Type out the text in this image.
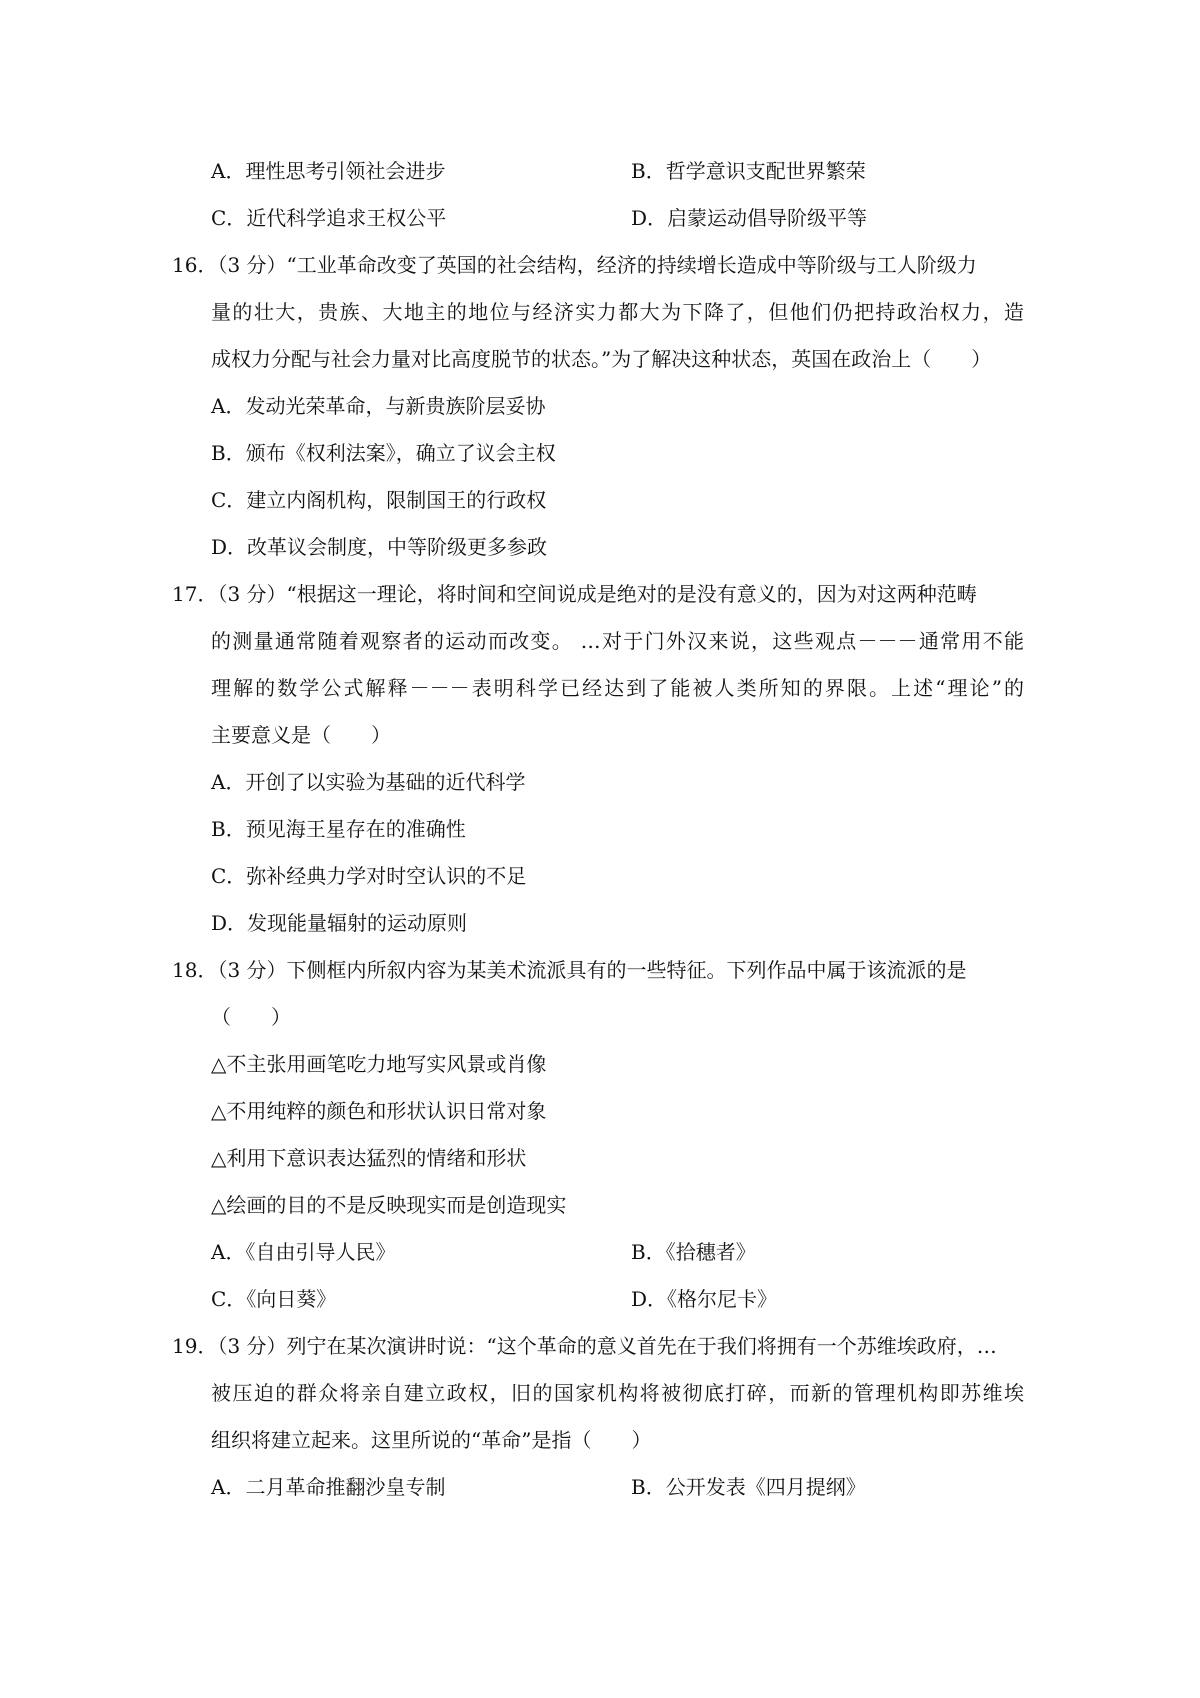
A．理性思考引领社会进步	B．哲学意识支配世界繁荣
C．近代科学追求王权公平	D．启蒙运动倡导阶级平等
16．（3 分）“工业革命改变了英国的社会结构，经济的持续增长造成中等阶级与工人阶级力
量的壮大，贵族、大地主的地位与经济实力都大为下降了，但他们仍把持政治权力，造
成权力分配与社会力量对比高度脱节的状态。”为了解决这种状态，英国在政治上（　　）
A．发动光荣革命，与新贵族阶层妥协
B．颁布《权利法案》，确立了议会主权
C．建立内阁机构，限制国王的行政权
D．改革议会制度，中等阶级更多参政
17．（3 分）“根据这一理论，将时间和空间说成是绝对的是没有意义的，因为对这两种范畴
的测量通常随着观察者的运动而改变。 …对于门外汉来说，这些观点－－－通常用不能
理解的数学公式解释－－－表明科学已经达到了能被人类所知的界限。上述“理论”的
主要意义是（　　）
A．开创了以实验为基础的近代科学
B．预见海王星存在的准确性
C．弥补经典力学对时空认识的不足
D．发现能量辐射的运动原则
18．（3 分）下侧框内所叙内容为某美术流派具有的一些特征。下列作品中属于该流派的是
（　　）
△不主张用画笔吃力地写实风景或肖像
△不用纯粹的颜色和形状认识日常对象
△利用下意识表达猛烈的情绪和形状
△绘画的目的不是反映现实而是创造现实
A．《自由引导人民》	B．《拾穗者》
C．《向日葵》	D．《格尔尼卡》
19．（3 分）列宁在某次演讲时说：“这个革命的意义首先在于我们将拥有一个苏维埃政府，…
被压迫的群众将亲自建立政权，旧的国家机构将被彻底打碎，而新的管理机构即苏维埃
组织将建立起来。这里所说的“革命”是指（　　）
A．二月革命推翻沙皇专制	B．公开发表《四月提纲》
